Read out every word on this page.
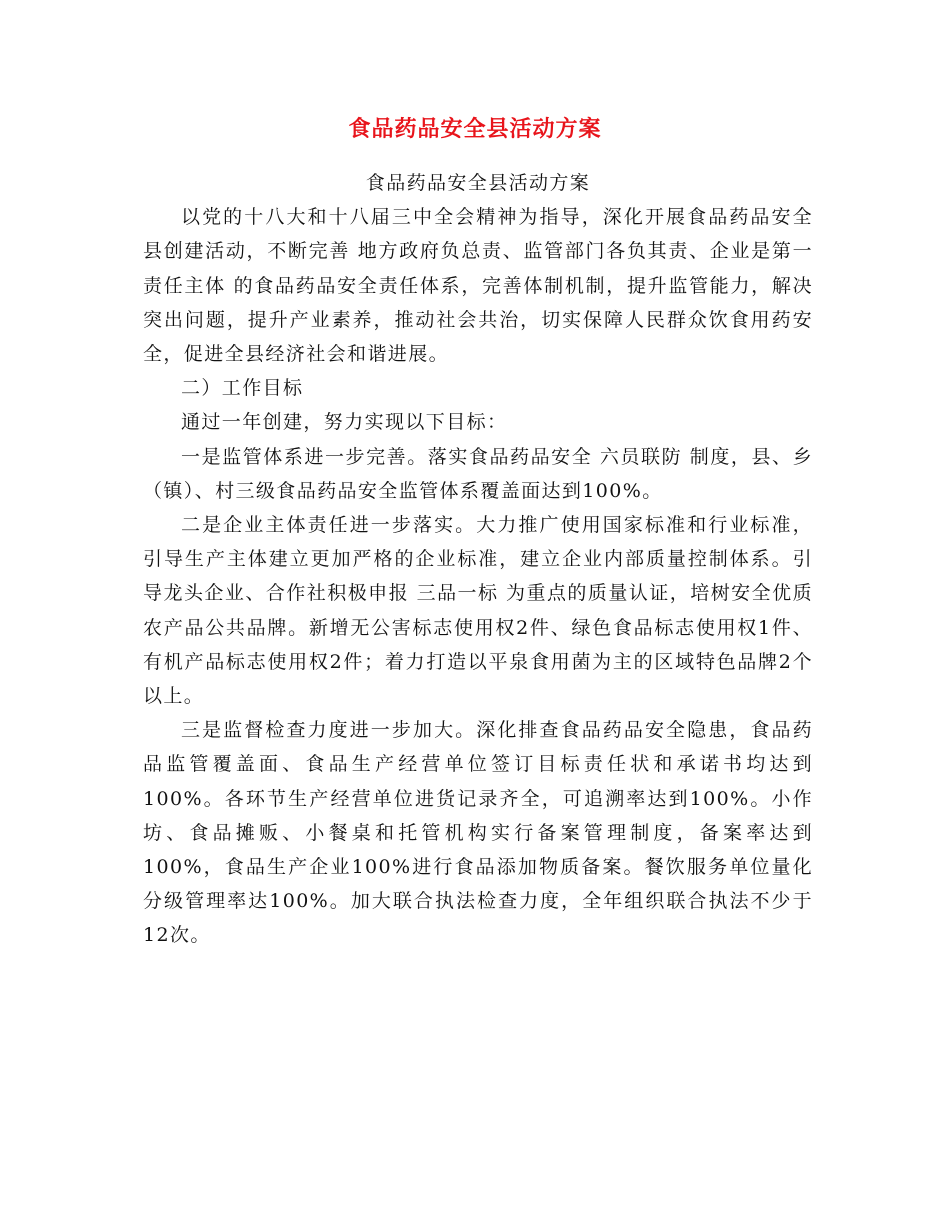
食品药品安全县活动方案

食品药品安全县活动方案

以党的十八大和十八届三中全会精神为指导，深化开展食品药品安全县创建活动，不断完善 地方政府负总责、监管部门各负其责、企业是第一责任主体 的食品药品安全责任体系，完善体制机制，提升监管能力，解决突出问题，提升产业素养，推动社会共治，切实保障人民群众饮食用药安全，促进全县经济社会和谐进展。

二）工作目标

通过一年创建，努力实现以下目标：

一是监管体系进一步完善。落实食品药品安全 六员联防 制度，县、乡（镇）、村三级食品药品安全监管体系覆盖面达到100%。

二是企业主体责任进一步落实。大力推广使用国家标准和行业标准，引导生产主体建立更加严格的企业标准，建立企业内部质量控制体系。引导龙头企业、合作社积极申报 三品一标 为重点的质量认证，培树安全优质农产品公共品牌。新增无公害标志使用权2件、绿色食品标志使用权1件、有机产品标志使用权2件；着力打造以平泉食用菌为主的区域特色品牌2个以上。

三是监督检查力度进一步加大。深化排查食品药品安全隐患，食品药品监管覆盖面、食品生产经营单位签订目标责任状和承诺书均达到100%。各环节生产经营单位进货记录齐全，可追溯率达到100%。小作坊、食品摊贩、小餐桌和托管机构实行备案管理制度，备案率达到100%，食品生产企业100%进行食品添加物质备案。餐饮服务单位量化分级管理率达100%。加大联合执法检查力度，全年组织联合执法不少于12次。
